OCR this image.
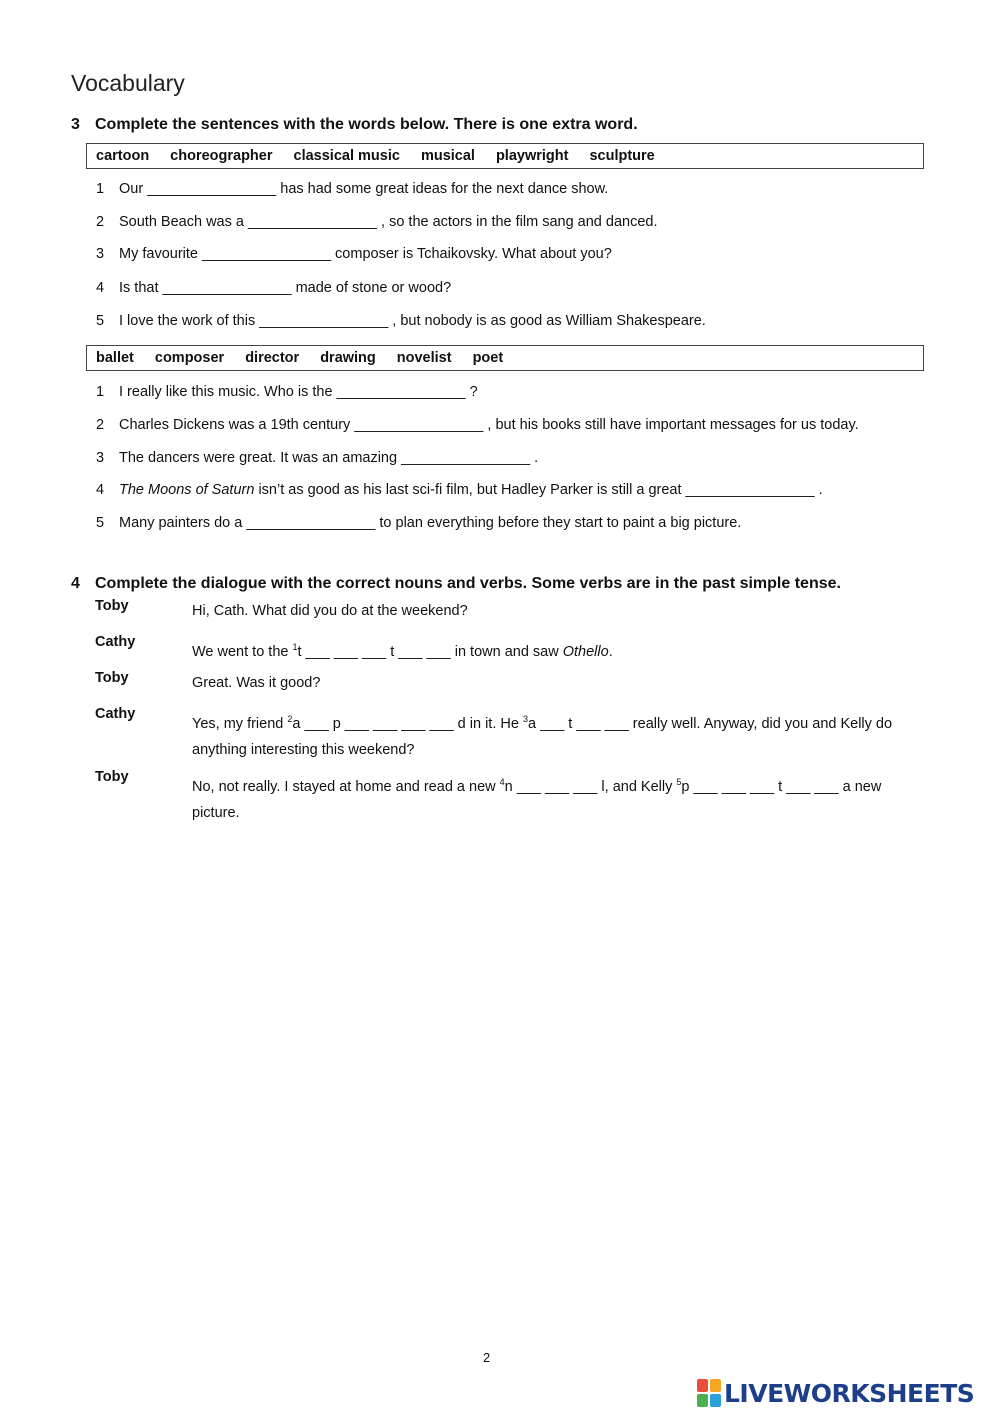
Vocabulary
3 Complete the sentences with the words below. There is one extra word.
cartoon choreographer classical music musical playwright sculpture
1 Our ________________ has had some great ideas for the next dance show.
2 South Beach was a ________________ , so the actors in the film sang and danced.
3 My favourite ________________ composer is Tchaikovsky. What about you?
4 Is that ________________ made of stone or wood?
5 I love the work of this ________________ , but nobody is as good as William Shakespeare.
ballet composer director drawing novelist poet
1 I really like this music. Who is the ________________ ?
2 Charles Dickens was a 19th century ________________ , but his books still have important messages for us today.
3 The dancers were great. It was an amazing ________________ .
4 The Moons of Saturn isn’t as good as his last sci-fi film, but Hadley Parker is still a great ________________ .
5 Many painters do a ________________ to plan everything before they start to paint a big picture.
4 Complete the dialogue with the correct nouns and verbs. Some verbs are in the past simple tense.
Toby	Hi, Cath. What did you do at the weekend?
Cathy
We went to the $^1$t ___ ___ ___ t ___ ___ in town and saw Othello.
Toby	Great. Was it good?
Cathy
Yes, my friend $^2$a ___ p ___ ___ ___ ___ d in it. He $^3$a ___ t ___ ___ really well. Anyway, did you and Kelly do anything interesting this weekend?
Toby
No, not really. I stayed at home and read a new $^4$n ___ ___ ___ l, and Kelly $^5$p ___ ___ ___ t ___ ___ a new picture.
2
LIVEWORKSHEETS
